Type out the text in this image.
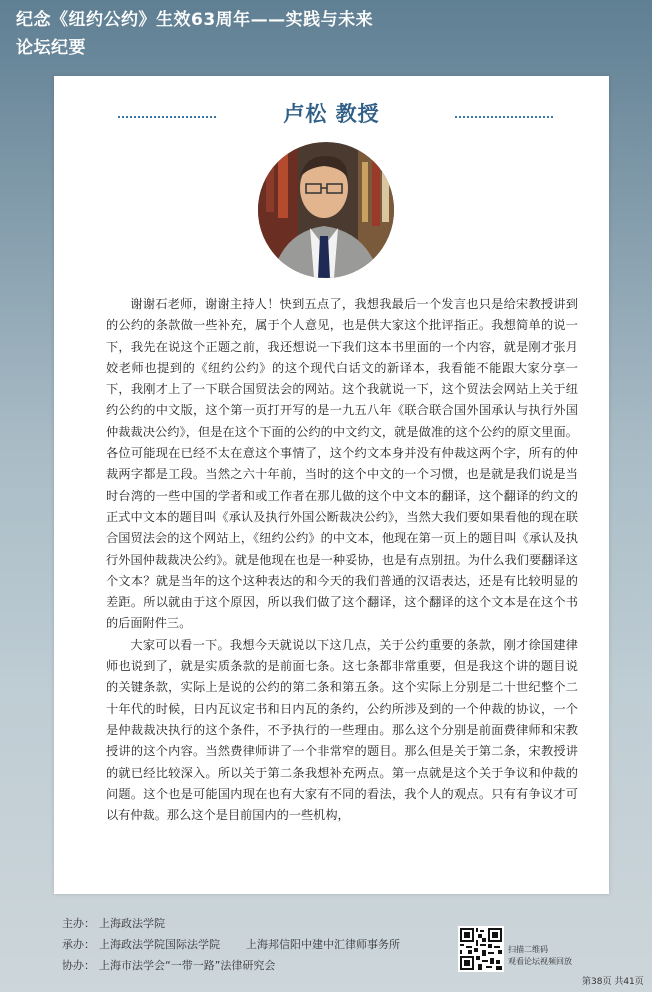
纪念《纽约公约》生效63周年——实践与未来
论坛纪要
卢松 教授

谢谢石老师，谢谢主持人！快到五点了，我想我最后一个发言也只是给宋教授讲到的公约的条款做一些补充，属于个人意见，也是供大家这个批评指正。我想简单的说一下，我先在说这个正题之前，我还想说一下我们这本书里面的一个内容，就是刚才张月姣老师也提到的《纽约公约》的这个现代白话文的新译本，我看能不能跟大家分享一下，我刚才上了一下联合国贸法会的网站。这个我就说一下，这个贸法会网站上关于纽约公约的中文版，这个第一页打开写的是一九五八年《联合联合国外国承认与执行外国仲裁裁决公约》，但是在这个下面的公约的中文约文，就是做准的这个公约的原文里面。各位可能现在已经不太在意这个事情了，这个约文本身并没有仲裁这两个字，所有的仲裁两字都是工段。当然之六十年前，当时的这个中文的一个习惯，也是就是我们说是当时台湾的一些中国的学者和或工作者在那儿做的这个中文本的翻译，这个翻译的约文的正式中文本的题目叫《承认及执行外国公断裁决公约》，当然大我们要如果看他的现在联合国贸法会的这个网站上，《纽约公约》的中文本，他现在第一页上的题目叫《承认及执行外国仲裁裁决公约》。就是他现在也是一种妥协，也是有点别扭。为什么我们要翻译这个文本？就是当年的这个这种表达的和今天的我们普通的汉语表达，还是有比较明显的差距。所以就由于这个原因，所以我们做了这个翻译，这个翻译的这个文本是在这个书的后面附件三。

大家可以看一下。我想今天就说以下这几点，关于公约重要的条款，刚才徐国建律师也说到了，就是实质条款的是前面七条。这七条都非常重要，但是我这个讲的题目说的关键条款，实际上是说的公约的第二条和第五条。这个实际上分别是二十世纪整个二十年代的时候，日内瓦议定书和日内瓦的条约，公约所涉及到的一个仲裁的协议，一个是仲裁裁决执行的这个条件，不予执行的一些理由。那么这个分别是前面费律师和宋教授讲的这个内容。当然费律师讲了一个非常窄的题目。那么但是关于第二条，宋教授讲的就已经比较深入。所以关于第二条我想补充两点。第一点就是这个关于争议和仲裁的问题。这个也是可能国内现在也有大家有不同的看法，我个人的观点。只有有争议才可以有仲裁。那么这个是目前国内的一些机构，

主办： 上海政法学院
承办： 上海政法学院国际法学院 上海邦信阳中建中汇律师事务所
协办： 上海市法学会“一带一路”法律研究会
扫描二维码
观看论坛视频回放
第38页 共41页
